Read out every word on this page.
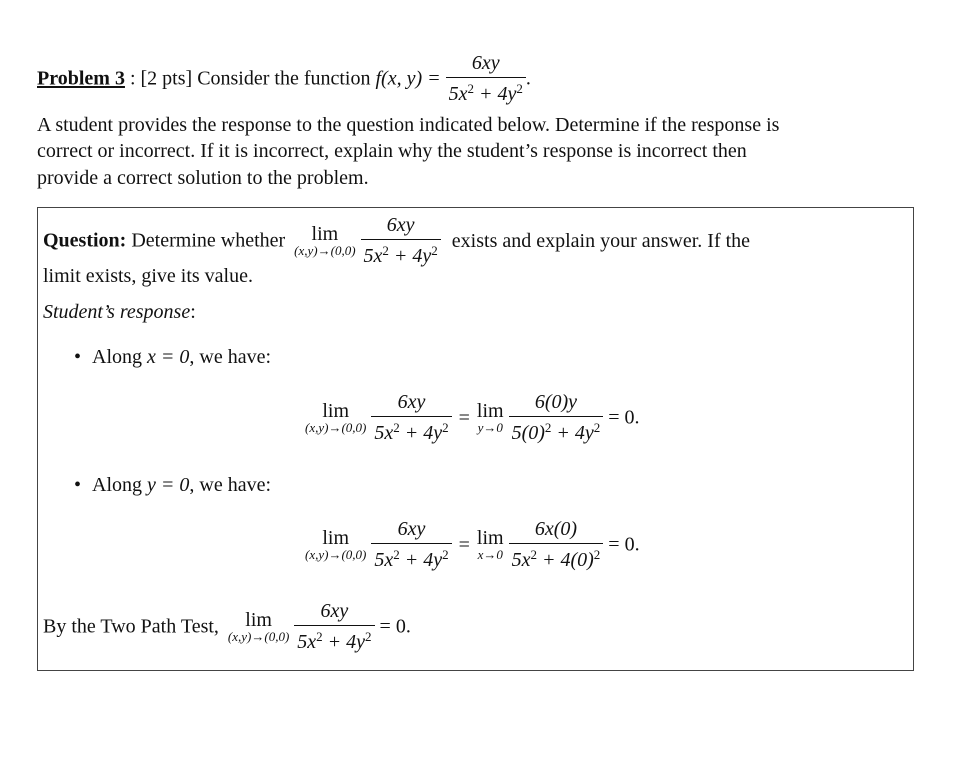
Problem 3 : [2 pts] Consider the function f(x, $y) = \frac{6xy}{5x^2 + 4y^2}$ .
A student provides the response to the question indicated below. Determine if the response is
correct or incorrect. If it is incorrect, explain why the student’s response is incorrect then
provide a correct solution to the problem.
Question: Determine whether	lim
(x,y)→(0,0)
$\frac{6xy}{5x^2 + 4y^2}$ exists and explain your answer. If the
limit exists, give its value.
Student’s response:
• Along x = 0, we have:
lim
(x,y)→(0,0)
$\frac{6xy}{5x^2 + 4y^2} = \lim$
y→0
$\frac{6(0)y}{5(0)^2 + 4y^2} = 0$.
• Along y = 0, we have:
lim
(x,y)→(0,0)
$\frac{6xy}{5x^2 + 4y^2} = \lim$
x→0
$\frac{6x(0)}{5x^2 + 4(0)^2} = 0$.
By the Two Path Test,	lim
(x,y)→(0,0)
$\frac{6xy}{5x^2 + 4y^2} = 0$.
